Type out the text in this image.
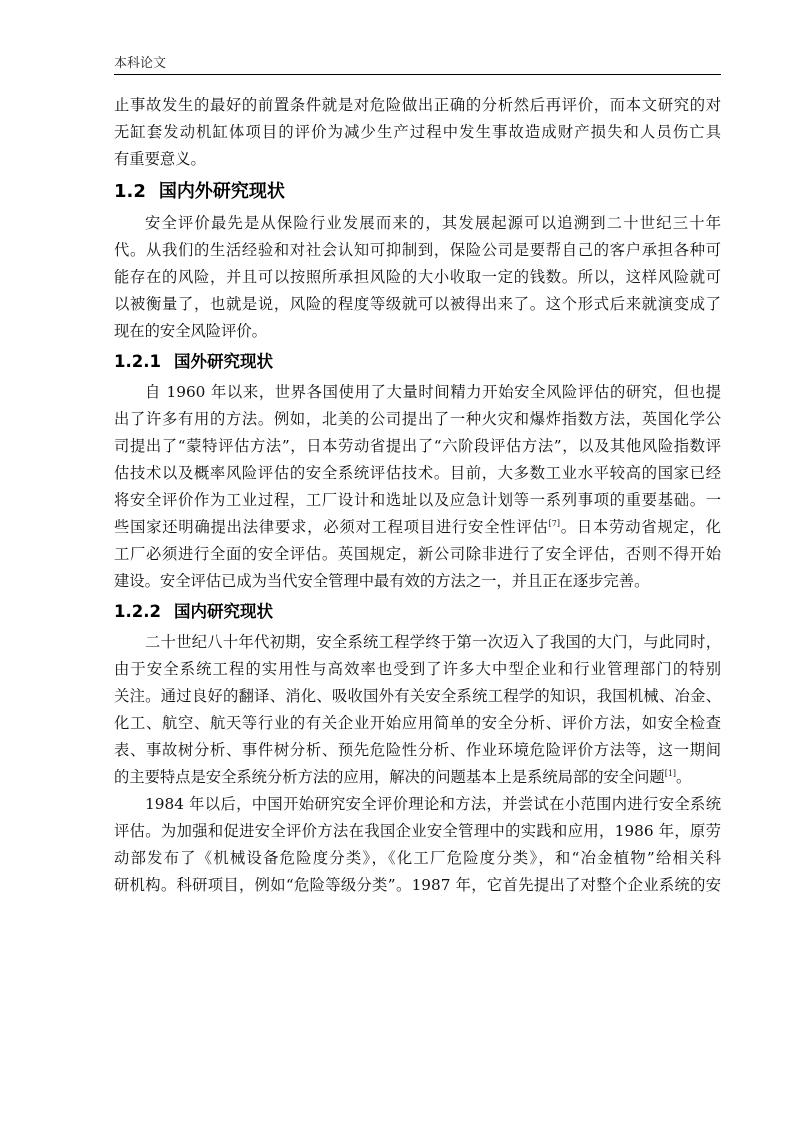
本科论文
止事故发生的最好的前置条件就是对危险做出正确的分析然后再评价，而本文研究的对
无缸套发动机缸体项目的评价为减少生产过程中发生事故造成财产损失和人员伤亡具
有重要意义。
1.2 国内外研究现状
安全评价最先是从保险行业发展而来的，其发展起源可以追溯到二十世纪三十年
代。从我们的生活经验和对社会认知可抑制到，保险公司是要帮自己的客户承担各种可
能存在的风险，并且可以按照所承担风险的大小收取一定的钱数。所以，这样风险就可
以被衡量了，也就是说，风险的程度等级就可以被得出来了。这个形式后来就演变成了
现在的安全风险评价。
1.2.1 国外研究现状
自 1960 年以来，世界各国使用了大量时间精力开始安全风险评估的研究，但也提
出了许多有用的方法。例如，北美的公司提出了一种火灾和爆炸指数方法，英国化学公
司提出了“蒙特评估方法”，日本劳动省提出了“六阶段评估方法”，以及其他风险指数评
估技术以及概率风险评估的安全系统评估技术。目前，大多数工业水平较高的国家已经
将安全评价作为工业过程，工厂设计和选址以及应急计划等一系列事项的重要基础。一
些国家还明确提出法律要求，必须对工程项目进行安全性评估[7]。日本劳动省规定，化
工厂必须进行全面的安全评估。英国规定，新公司除非进行了安全评估，否则不得开始
建设。安全评估已成为当代安全管理中最有效的方法之一，并且正在逐步完善。
1.2.2 国内研究现状
二十世纪八十年代初期，安全系统工程学终于第一次迈入了我国的大门，与此同时，
由于安全系统工程的实用性与高效率也受到了许多大中型企业和行业管理部门的特别
关注。通过良好的翻译、消化、吸收国外有关安全系统工程学的知识，我国机械、冶金、
化工、航空、航天等行业的有关企业开始应用简单的安全分析、评价方法，如安全检查
表、事故树分析、事件树分析、预先危险性分析、作业环境危险评价方法等，这一期间
的主要特点是安全系统分析方法的应用，解决的问题基本上是系统局部的安全问题[1]。
1984 年以后，中国开始研究安全评价理论和方法，并尝试在小范围内进行安全系统
评估。为加强和促进安全评价方法在我国企业安全管理中的实践和应用，1986 年，原劳
动部发布了《机械设备危险度分类》，《化工厂危险度分类》，和“冶金植物”给相关科
研机构。科研项目，例如“危险等级分类”。1987 年，它首先提出了对整个企业系统的安
